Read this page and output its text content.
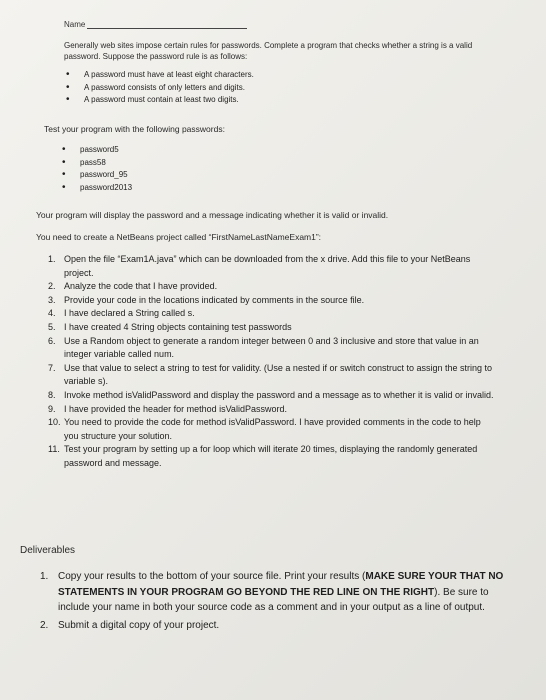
Name
Generally web sites impose certain rules for passwords. Complete a program that checks whether a string is a valid password. Suppose the password rule is as follows:
• A password must have at least eight characters.
• A password consists of only letters and digits.
• A password must contain at least two digits.
Test your program with the following passwords:
• password5
• pass58
• password_95
• password2013
Your program will display the password and a message indicating whether it is valid or invalid.
You need to create a NetBeans project called “FirstNameLastNameExam1”:
1. Open the file “Exam1A.java” which can be downloaded from the x drive. Add this file to your NetBeans project.
2. Analyze the code that I have provided.
3. Provide your code in the locations indicated by comments in the source file.
4. I have declared a String called s.
5. I have created 4 String objects containing test passwords
6. Use a Random object to generate a random integer between 0 and 3 inclusive and store that value in an integer variable called num.
7. Use that value to select a string to test for validity. (Use a nested if or switch construct to assign the string to variable s).
8. Invoke method isValidPassword and display the password and a message as to whether it is valid or invalid.
9. I have provided the header for method isValidPassword.
10. You need to provide the code for method isValidPassword. I have provided comments in the code to help you structure your solution.
11. Test your program by setting up a for loop which will iterate 20 times, displaying the randomly generated password and message.
Deliverables
1. Copy your results to the bottom of your source file. Print your results (MAKE SURE YOUR THAT NO STATEMENTS IN YOUR PROGRAM GO BEYOND THE RED LINE ON THE RIGHT). Be sure to include your name in both your source code as a comment and in your output as a line of output.
2. Submit a digital copy of your project.
